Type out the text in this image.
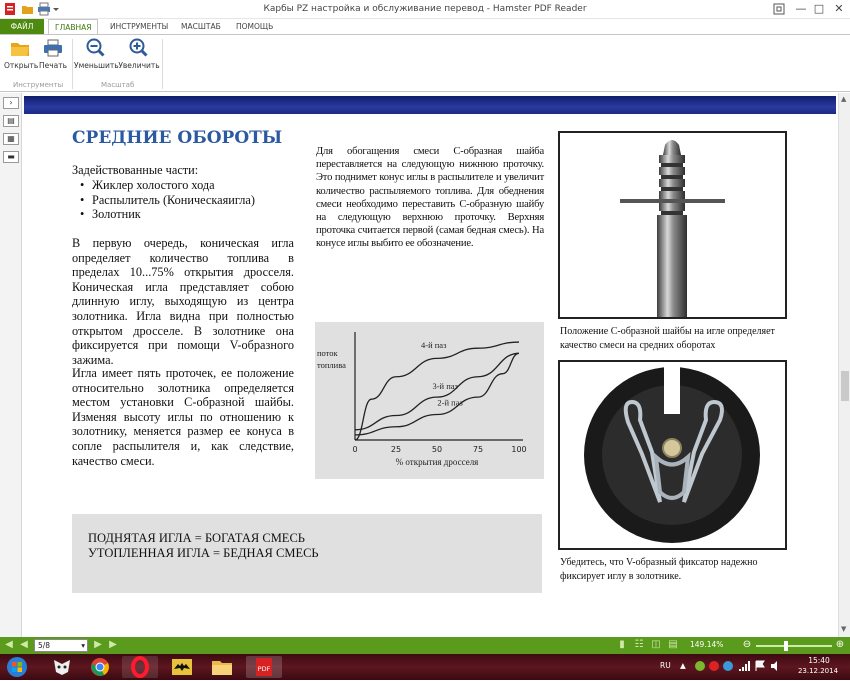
Карбы PZ настройка и обслуживание перевод - Hamster PDF Reader	— □ ✕
ФАЙЛ	ГЛАВНАЯ	ИНСТРУМЕНТЫ	МАСШТАБ	ПОМОЩЬ
Открыть Печать
Инструменты
Уменьшить Увеличить
Масштаб
›
▤
▦
▬
СРЕДНИЕ ОБОРОТЫ
Задействованные части:
• Жиклер холостого хода
• Распылитель (Коническаяигла)
• Золотник
В первую очередь, коническая игла определяет количество топлива в пределах 10...75% открытия дросселя. Коническая игла представляет собою длинную иглу, выходящую из центра золотника. Игла видна при полностью открытом дросселе. В золотнике она фиксируется при помощи V-образного зажима.
Игла имеет пять проточек, ее положение относительно золотника определяется местом установки С-образной шайбы. Изменяя высоту иглы по отношению к золотнику, меняется размер ее конуса в сопле распылителя и, как следствие, качество смеси.
Для обогащения смеси С-образная шайба переставляется на следующую нижнюю проточку. Это поднимет конус иглы в распылителе и увеличит количество распыляемого топлива. Для обеднения смеси необходимо переставить С-образную шайбу на следующую верхнюю проточку. Верхняя проточка считается первой (самая бедная смесь). На конусе иглы выбито ее обозначение.
0	25	50	75	100
поток
топлива
% открытия дросселя
4-й паз
3-й паз
2-й паз
ПОДНЯТАЯ ИГЛА = БОГАТАЯ СМЕСЬ
УТОПЛЕННАЯ ИГЛА = БЕДНАЯ СМЕСЬ
Положение С-образной шайбы на игле определяет качество смеси на средних оборотах
Убедитесь, что V-образный фиксатор надежно фиксирует иглу в золотнике.
▲
▼
◀ ◀	5/8	▾ ▶ ▶	▮ ☷ ◫ ▤ 149.14% ⊖	⊕
PDF	RU ▲
15:40
23.12.2014
